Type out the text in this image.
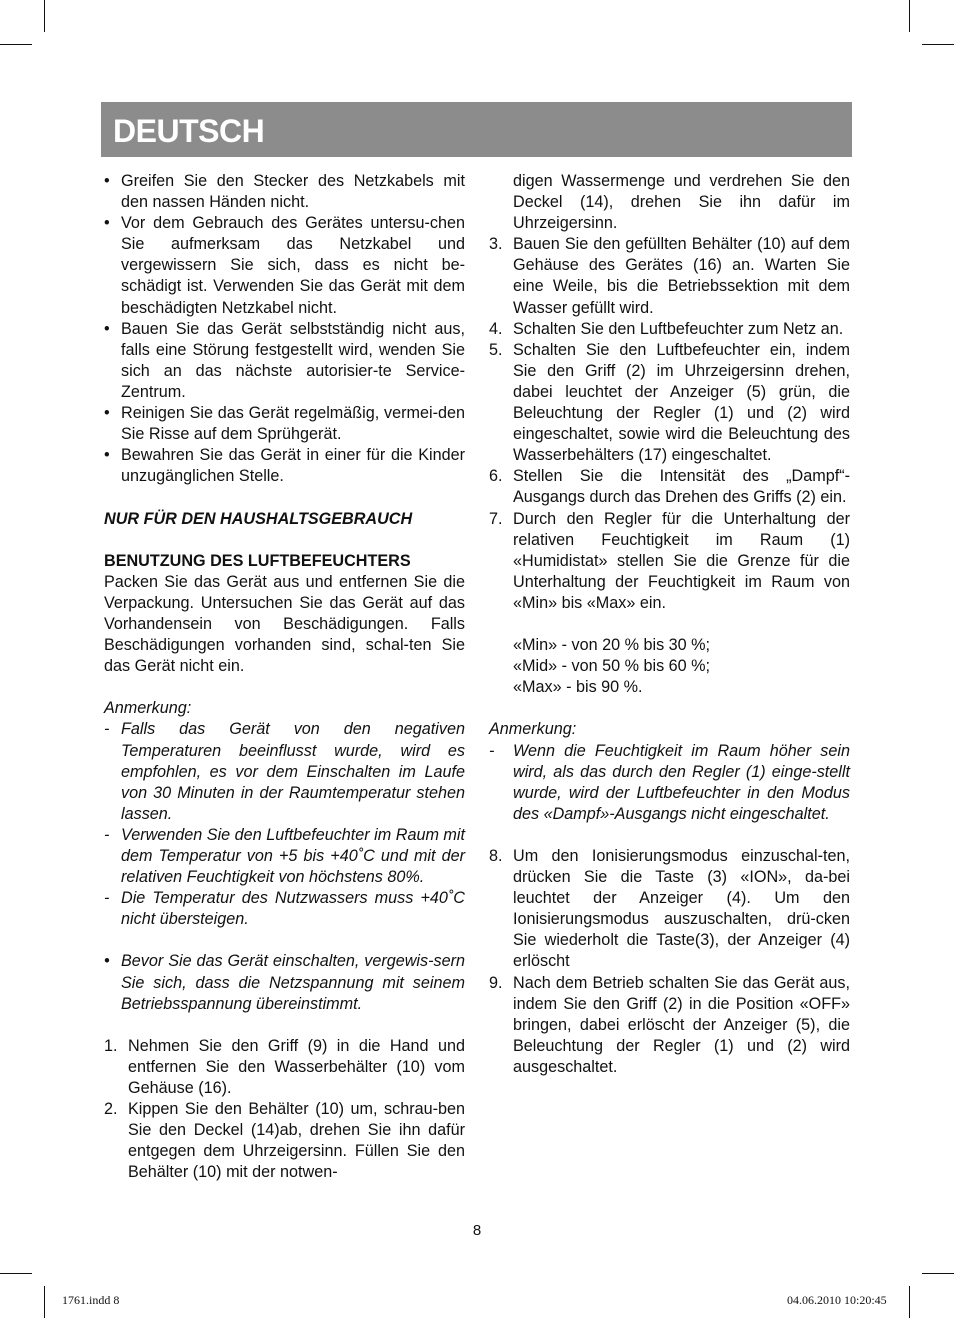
DEUTSCH
• Greifen Sie den Stecker des Netzkabels mit den nassen Händen nicht.
• Vor dem Gebrauch des Gerätes untersu-chen Sie aufmerksam das Netzkabel und vergewissern Sie sich, dass es nicht be-schädigt ist. Verwenden Sie das Gerät mit dem beschädigten Netzkabel nicht.
• Bauen Sie das Gerät selbstständig nicht aus, falls eine Störung festgestellt wird, wenden Sie sich an das nächste autorisier-te Service-Zentrum.
• Reinigen Sie das Gerät regelmäßig, vermei-den Sie Risse auf dem Sprühgerät.
• Bewahren Sie das Gerät in einer für die Kinder unzugänglichen Stelle.

NUR FÜR DEN HAUSHALTSGEBRAUCH

BENUTZUNG DES LUFTBEFEUCHTERS

Packen Sie das Gerät aus und entfernen Sie die Verpackung. Untersuchen Sie das Gerät auf das Vorhandensein von Beschädigungen. Falls Beschädigungen vorhanden sind, schal-ten Sie das Gerät nicht ein.

Anmerkung:

- Falls das Gerät von den negativen Temperaturen beeinflusst wurde, wird es empfohlen, es vor dem Einschalten im Laufe von 30 Minuten in der Raumtemperatur stehen lassen.
- Verwenden Sie den Luftbefeuchter im Raum mit dem Temperatur von +5 bis +40˚C und mit der relativen Feuchtigkeit von höchstens 80%.
- Die Temperatur des Nutzwassers muss +40˚C nicht übersteigen.
• Bevor Sie das Gerät einschalten, vergewis-sern Sie sich, dass die Netzspannung mit seinem Betriebsspannung übereinstimmt.
1. Nehmen Sie den Griff (9) in die Hand und entfernen Sie den Wasserbehälter (10) vom Gehäuse (16).
2. Kippen Sie den Behälter (10) um, schrau-ben Sie den Deckel (14)ab, drehen Sie ihn dafür entgegen dem Uhrzeigersinn. Füllen Sie den Behälter (10) mit der notwen-
digen Wassermenge und verdrehen Sie den Deckel (14), drehen Sie ihn dafür im Uhrzeigersinn.
3. Bauen Sie den gefüllten Behälter (10) auf dem Gehäuse des Gerätes (16) an. Warten Sie eine Weile, bis die Betriebssektion mit dem Wasser gefüllt wird.
4. Schalten Sie den Luftbefeuchter zum Netz an.
5. Schalten Sie den Luftbefeuchter ein, indem Sie den Griff (2) im Uhrzeigersinn drehen, dabei leuchtet der Anzeiger (5) grün, die Beleuchtung der Regler (1) und (2) wird eingeschaltet, sowie wird die Beleuchtung des Wasserbehälters (17) eingeschaltet.
6. Stellen Sie die Intensität des „Dampf“-Ausgangs durch das Drehen des Griffs (2) ein.
7. Durch den Regler für die Unterhaltung der relativen Feuchtigkeit im Raum (1) «Humidistat» stellen Sie die Grenze für die Unterhaltung der Feuchtigkeit im Raum von «Min» bis «Max» ein.
«Min» - von 20 % bis 30 %;
«Mid» - von 50 % bis 60 %;
«Max» - bis 90 %.

Anmerkung:

- Wenn die Feuchtigkeit im Raum höher sein wird, als das durch den Regler (1) einge-stellt wurde, wird der Luftbefeuchter in den Modus des «Dampf»-Ausgangs nicht eingeschaltet.
8. Um den Ionisierungsmodus einzuschal-ten, drücken Sie die Taste (3) «ION», da-bei leuchtet der Anzeiger (4). Um den Ionisierungsmodus auszuschalten, drü-cken Sie wiederholt die Taste(3), der Anzeiger (4) erlöscht
9. Nach dem Betrieb schalten Sie das Gerät aus, indem Sie den Griff (2) in die Position «OFF» bringen, dabei erlöscht der Anzeiger (5), die Beleuchtung der Regler (1) und (2) wird ausgeschaltet.
8
1761.indd 8	04.06.2010 10:20:45
